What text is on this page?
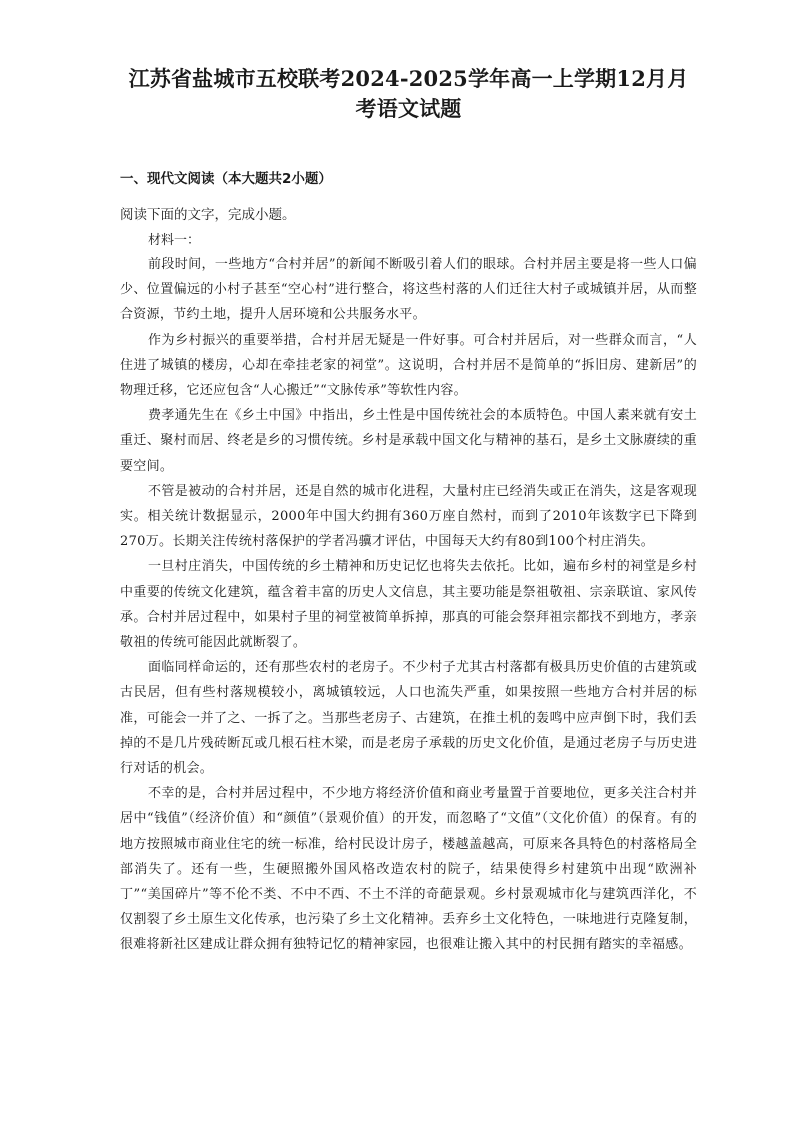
江苏省盐城市五校联考2024-2025学年高一上学期12月月
考语文试题
一、现代文阅读（本大题共2小题）
阅读下面的文字，完成小题。
材料一：

前段时间，一些地方“合村并居”的新闻不断吸引着人们的眼球。合村并居主要是将一些人口偏少、位置偏远的小村子甚至“空心村”进行整合，将这些村落的人们迁往大村子或城镇并居，从而整合资源，节约土地，提升人居环境和公共服务水平。

作为乡村振兴的重要举措，合村并居无疑是一件好事。可合村并居后，对一些群众而言，“人住进了城镇的楼房，心却在牵挂老家的祠堂”。这说明，合村并居不是简单的“拆旧房、建新居”的物理迁移，它还应包含“人心搬迁”“文脉传承”等软性内容。

费孝通先生在《乡土中国》中指出，乡土性是中国传统社会的本质特色。中国人素来就有安土重迁、聚村而居、终老是乡的习惯传统。乡村是承载中国文化与精神的基石，是乡土文脉赓续的重要空间。

不管是被动的合村并居，还是自然的城市化进程，大量村庄已经消失或正在消失，这是客观现实。相关统计数据显示，2000年中国大约拥有360万座自然村，而到了2010年该数字已下降到270万。长期关注传统村落保护的学者冯骥才评估，中国每天大约有80到100个村庄消失。

一旦村庄消失，中国传统的乡土精神和历史记忆也将失去依托。比如，遍布乡村的祠堂是乡村中重要的传统文化建筑，蕴含着丰富的历史人文信息，其主要功能是祭祖敬祖、宗亲联谊、家风传承。合村并居过程中，如果村子里的祠堂被简单拆掉，那真的可能会祭拜祖宗都找不到地方，孝亲敬祖的传统可能因此就断裂了。

面临同样命运的，还有那些农村的老房子。不少村子尤其古村落都有极具历史价值的古建筑或古民居，但有些村落规模较小，离城镇较远，人口也流失严重，如果按照一些地方合村并居的标准，可能会一并了之、一拆了之。当那些老房子、古建筑，在推土机的轰鸣中应声倒下时，我们丢掉的不是几片残砖断瓦或几根石柱木梁，而是老房子承载的历史文化价值，是通过老房子与历史进行对话的机会。

不幸的是，合村并居过程中，不少地方将经济价值和商业考量置于首要地位，更多关注合村并居中“钱值”（经济价值）和“颜值”（景观价值）的开发，而忽略了“文值”（文化价值）的保育。有的地方按照城市商业住宅的统一标准，给村民设计房子，楼越盖越高，可原来各具特色的村落格局全部消失了。还有一些，生硬照搬外国风格改造农村的院子，结果使得乡村建筑中出现“欧洲补丁”“美国碎片”等不伦不类、不中不西、不土不洋的奇葩景观。乡村景观城市化与建筑西洋化，不仅割裂了乡土原生文化传承，也污染了乡土文化精神。丢弃乡土文化特色，一味地进行克隆复制，很难将新社区建成让群众拥有独特记忆的精神家园，也很难让搬入其中的村民拥有踏实的幸福感。
